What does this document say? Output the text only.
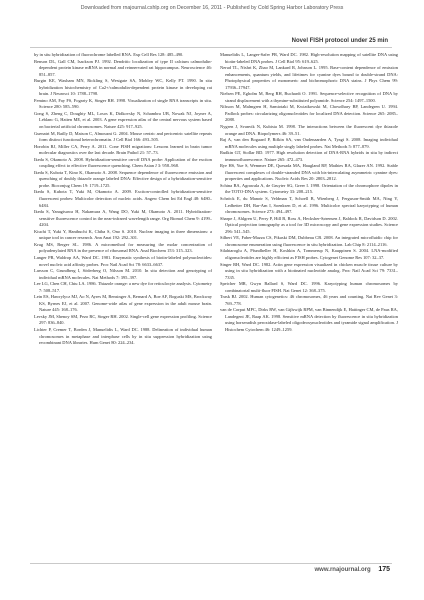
Downloaded from rnajournal.cshlp.org on December 16, 2011 - Published by Cold Spring Harbor Laboratory Press
Novel FISH protocol under 25 min

by in situ hybridization of fluorochrome labelled RNA. Exp Cell Res 128: 485–490.

Benson DL, Gall CM, Isackson PJ. 1992. Dendritic localization of type II calcium calmodulin-dependent protein kinase mRNA in normal and reinnervated rat hippocampus. Neuroscience 46: 851–857.

Burgin KE, Waxham MN, Rickling S, Westgate SA, Mobley WC, Kelly PT. 1990. In situ hybridization histochemistry of Ca2+/calmodulin-dependent protein kinase in developing rat brain. J Neurosci 10: 1788–1798.

Femino AM, Fay FS, Fogarty K, Singer RH. 1998. Visualization of single RNA transcripts in situ. Science 280: 585–590.

Gong S, Zheng C, Doughty ML, Losos K, Didkovsky N, Schambra UB, Nowak NJ, Joyner A, Leblanc G, Hatten ME, et al. 2003. A gene expression atlas of the central nervous system based on bacterial artificial chromosomes. Nature 425: 917–925.

Guenatri M, Bailly D, Maison C, Almouzni G. 2004. Mouse centric and pericentric satellite repeats form distinct functional heterochromatin. J Cell Biol 166: 493–505.

Horobin RJ, Miller CA, Perry A. 2011. Cone FISH migrations: Lessons learned in brain tumor molecular diagnostics over the last decade. Brain Pathol 21: 57–73.

Ikeda S, Okamoto A. 2008. Hybridization-sensitive on-off DNA probe: Application of the exciton coupling effect to effective fluorescence quenching. Chem Asian J 3: 958–968.

Ikeda S, Kubota T, Kino K, Okamoto A. 2008. Sequence dependence of fluorescence emission and quenching of doubly thiazole orange labeled DNA: Effective design of a hybridization-sensitive probe. Bioconjug Chem 19: 1719–1725.

Ikeda S, Kubota T, Yuki M, Okamoto A. 2009. Exciton-controlled hybridization-sensitive fluorescent probes: Multicolor detection of nucleic acids. Angew Chem Int Ed Engl 48: 6480–6484.

Ikeda S, Yanagisawa H, Nakamura A, Wang DO, Yuki M, Okamoto A. 2011. Hybridization-sensitive fluorescence control in the near-infrared wavelength range. Org Biomol Chem 9: 4199–4204.

Kiuchi T, Yuki Y, Hanibuchi K, Chiba S, Ono S. 2010. Nuclear imaging in three dimensions: a unique tool in cancer research. Ann Anat 192: 292–301.

Krug MS, Berger SL. 1986. A micromethod for measuring the molar concentration of polyadenylated RNA in the presence of ribosomal RNA. Anal Biochem 153: 315–323.

Langer PR, Waldrop AA, Ward DC. 1981. Enzymatic synthesis of biotin-labeled polynucleotides: novel nucleic acid affinity probes. Proc Natl Acad Sci 78: 6633–6637.

Larsson C, Grundberg I, Söderberg O, Nilsson M. 2010. In situ detection and genotyping of individual mRNA molecules. Nat Methods 7: 395–397.

Lee LG, Chen CH, Chiu LA. 1986. Thiazole orange: a new dye for reticulocyte analysis. Cytometry 7: 508–517.

Lein ES, Hawrylycz MJ, Ao N, Ayres M, Bensinger A, Bernard A, Boe AF, Boguski MS, Brockway KS, Byrnes EJ, et al. 2007. Genome-wide atlas of gene expression in the adult mouse brain. Nature 445: 168–176.

Levsky JM, Shenoy SM, Pezo RC, Singer RH. 2002. Single-cell gene expression profiling. Science 297: 836–840.

Lichter P, Cremer T, Borden J, Manuelidis L, Ward DC. 1988. Delineation of individual human chromosomes in metaphase and interphase cells by in situ suppression hybridization using recombinant DNA libraries. Hum Genet 80: 224–234.

Manuelidis L, Langer-Safer PR, Ward DC. 1982. High-resolution mapping of satellite DNA using biotin-labeled DNA probes. J Cell Biol 95: 619–625.

Nerud TL, Nishri K, Zhao M, Lankard R, Johnson L. 1995. Base-content dependence of emission enhancements, quantum yields, and lifetimes for cyanine dyes bound to double-strand DNA: Photophysical properties of monomeric and bichromophoric DNA stains. J Phys Chem 99: 17936–17947.

Nielsen PE, Egholm M, Berg RH, Buchardt O. 1991. Sequence-selective recognition of DNA by strand displacement with a thymine-substituted polyamide. Science 254: 1497–1500.

Nilsson M, Malmgren H, Samiotaki M, Kwiatkowski M, Chowdhary BP, Landegren U. 1994. Padlock probes: circularizing oligonucleotides for localized DNA detection. Science 265: 2085–2088.

Nygren J, Svanvik N, Kubista M. 1998. The interactions between the fluorescent dye thiazole orange and DNA. Biopolymers 46: 39–51.

Raj A, van den Bogaard P, Rifkin SA, van Oudenaarden A, Tyagi S. 2008. Imaging individual mRNA molecules using multiple singly labeled probes. Nat Methods 5: 877–879.

Rudkin GT, Stollar BD. 1977. High resolution detection of DNA-RNA hybrids in situ by indirect immunofluorescence. Nature 265: 472–473.

Rye HS, Yue S, Wemmer DE, Quesada MA, Haugland RP, Mathies RA, Glazer AN. 1992. Stable fluorescent complexes of double-stranded DNA with bis-intercalating asymmetric cyanine dyes: properties and applications. Nucleic Acids Res 20: 2803–2812.

Schina BA, Agrawala A, de Gruyter SG, Greer I. 1998. Orientation of the chromophore dipoles in the TOTO-DNA system. Cytometry 33: 208–215.

Schröck E, du Manoir S, Veldman T, Schoell B, Wienberg J, Ferguson-Smith MA, Ning Y, Ledbetter DH, Bar-Am I, Soenksen D, et al. 1996. Multicolor spectral karyotyping of human chromosomes. Science 273: 494–497.

Sharpe J, Ahlgren U, Perry P, Hill B, Ross A, Hecksher-Sørensen J, Baldock R, Davidson D. 2002. Optical projection tomography as a tool for 3D microscopy and gene expression studies. Science 296: 541–545.

Silbert VE, Faber-Mazza CS, Pikaski DM, Dubbeau CB. 2008. An integrated microfluidic chip for chromosome enumeration using fluorescence in situ hybridization. Lab Chip 8: 2114–2116.

Silahtaroglu A, Pfundheller H, Koshkin A, Tommerup N, Kauppinen S. 2004. LNA-modified oligonucleotides are highly efficient as FISH probes. Cytogenet Genome Res 107: 32–37.

Singer RH, Ward DC. 1982. Actin gene expression visualized in chicken muscle tissue culture by using in situ hybridization with a biotinated nucleotide analog. Proc Natl Acad Sci 79: 7331–7335.

Speicher MR, Gwyn Ballard S, Ward DC. 1996. Karyotyping human chromosomes by combinatorial multi-fluor FISH. Nat Genet 12: 368–375.

Trask BJ. 2002. Human cytogenetics: 46 chromosomes, 46 years and counting. Nat Rev Genet 3: 769–778.

van de Corput MPC, Dirks RW, van Gijlswijk RPM, van Binnendijk E, Hattinger CM, de Paus RA, Landegent JE, Raap AK. 1998. Sensitive mRNA detection by fluorescence in situ hybridization using horseradish peroxidase-labeled oligodeoxynucleotides and tyramide signal amplification. J Histochem Cytochem 46: 1249–1259.

www.rnajournal.org 175
